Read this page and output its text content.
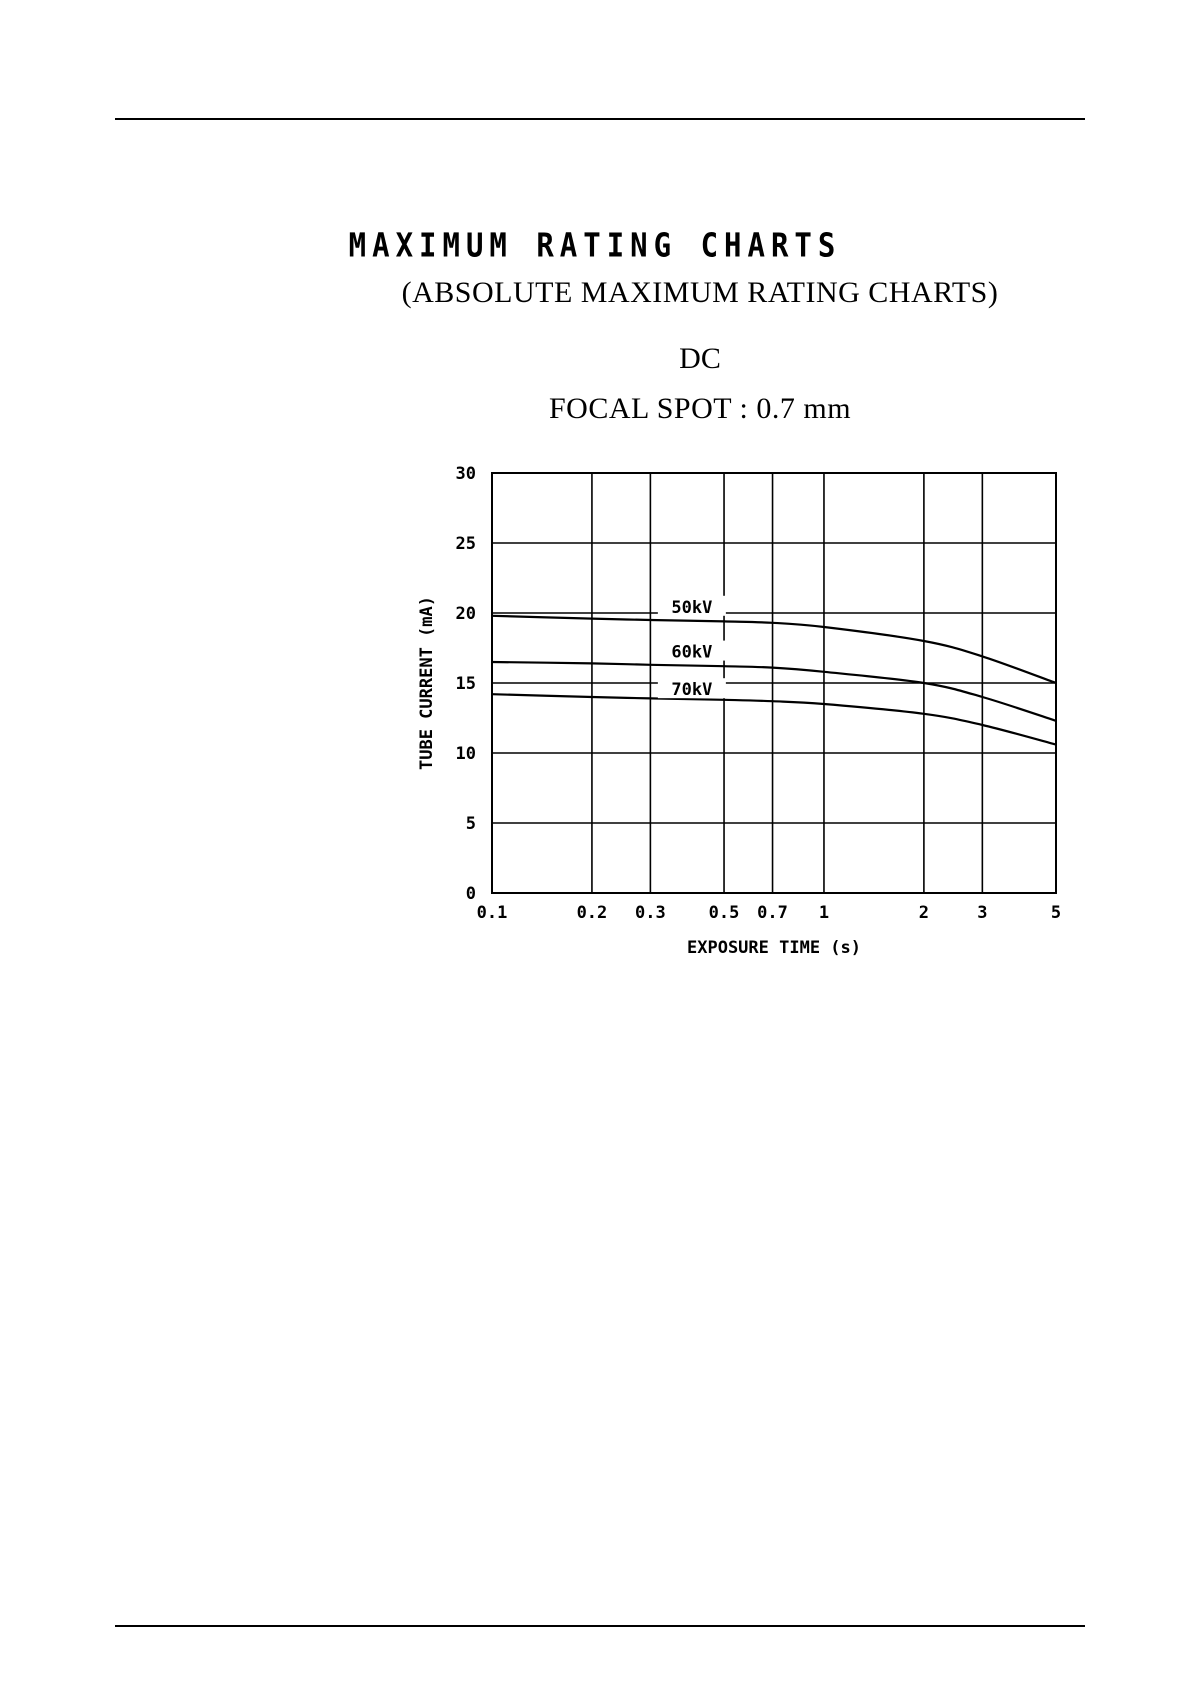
MAXIMUM RATING CHARTS
(ABSOLUTE MAXIMUM RATING CHARTS)
DC
FOCAL SPOT : 0.7 mm
50kV
60kV
70kV
0.1	0.2 0.3	0.5 0.7 1	2	3	5
0
5
10
15
20
25
30
EXPOSURE TIME (s)
TUBE CURRENT (mA)
